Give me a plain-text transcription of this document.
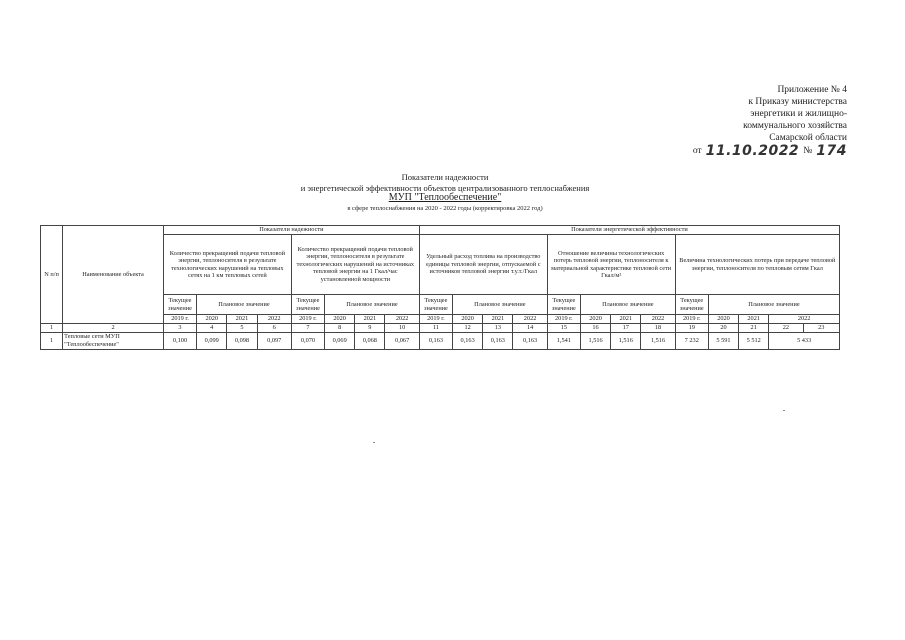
Приложение № 4
к Приказу министерства
энергетики и жилищно-
коммунального хозяйства
Самарской области
от 11.10.2022 № 174
Показатели надежности
и энергетической эффективности объектов централизованного теплоснабжения
МУП "Теплообеспечение"
в сфере теплоснабжения на 2020 - 2022 годы (корректировка 2022 год)
N п/п	Наименование объекта	Показатели надежности								Показатели энергетической эффективности												
		Количество прекращений подачи тепловой энергии, теплоносителя в результате технологических нарушений на тепловых сетях на 1 км тепловых сетей				Количество прекращений подачи тепловой энергии, теплоносителя в результате технологических нарушений на источниках тепловой энергии на 1 Гкал/час установленной мощности				Удельный расход топлива на производство единицы тепловой энергии, отпускаемой с источников тепловой энергии т.у.т./Гкал				Отношение величины технологических потерь тепловой энергии, теплоносителя к материальной характеристике тепловой сети Гкал/м²				Величина технологических потерь при передаче тепловой энергии, теплоносителя по тепловым сетям Гкал				
		Текущее значение	Плановое значение			Текущее значение	Плановое значение			Текущее значение	Плановое значение			Текущее значение	Плановое значение			Текущее значение	Плановое значение			
		2019 г.	2020	2021	2022	2019 г.	2020	2021	2022	2019 г.	2020	2021	2022	2019 г.	2020	2021	2022	2019 г.	2020	2021	2022	
1	2	3	4	5	6	7	8	9	10	11	12	13	14	15	16	17	18	19	20	21	22	23
1	Тепловые сети МУП "Теплообеспечение"	0,100	0,099	0,098	0,097	0,070	0,069	0,068	0,067	0,163	0,163	0,163	0,163	1,541	1,516	1,516	1,516	7 232	5 591	5 512	5 433	
